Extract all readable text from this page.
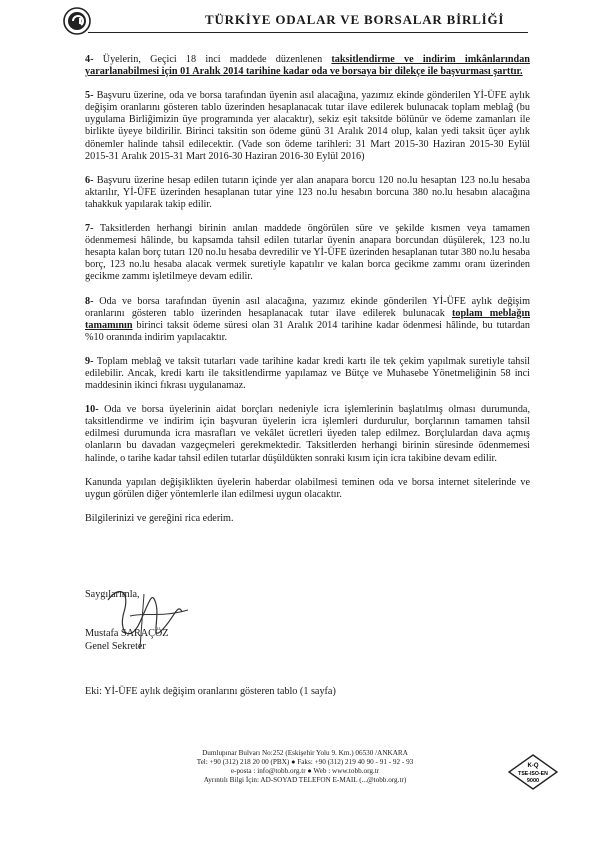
TÜRKİYE ODALAR VE BORSALAR BİRLİĞİ

4- Üyelerin, Geçici 18 inci maddede düzenlenen taksitlendirme ve indirim imkânlarından yararlanabilmesi için 01 Aralık 2014 tarihine kadar oda ve borsaya bir dilekçe ile başvurması şarttır.

5- Başvuru üzerine, oda ve borsa tarafından üyenin asıl alacağına, yazımız ekinde gönderilen Yİ-ÜFE aylık değişim oranlarını gösteren tablo üzerinden hesaplanacak tutar ilave edilerek bulunacak toplam meblağ (bu uygulama Birliğimizin üye programında yer alacaktır), sekiz eşit taksitde bölünür ve ödeme zamanları ile birlikte üyeye bildirilir. Birinci taksitin son ödeme günü 31 Aralık 2014 olup, kalan yedi taksit üçer aylık dönemler halinde tahsil edilecektir. (Vade son ödeme tarihleri: 31 Mart 2015-30 Haziran 2015-30 Eylül 2015-31 Aralık 2015-31 Mart 2016-30 Haziran 2016-30 Eylül 2016)

6- Başvuru üzerine hesap edilen tutarın içinde yer alan anapara borcu 120 no.lu hesaptan 123 no.lu hesaba aktarılır, Yİ-ÜFE üzerinden hesaplanan tutar yine 123 no.lu hesabın borcuna 380 no.lu hesabın alacağına tahakkuk yapılarak takip edilir.

7- Taksitlerden herhangi birinin anılan maddede öngörülen süre ve şekilde kısmen veya tamamen ödenmemesi hâlinde, bu kapsamda tahsil edilen tutarlar üyenin anapara borcundan düşülerek, 123 no.lu hesapta kalan borç tutarı 120 no.lu hesaba devredilir ve Yİ-ÜFE üzerinden hesaplanan tutar 380 no.lu hesaba borç, 123 no.lu hesaba alacak vermek suretiyle kapatılır ve kalan borca gecikme zammı oranı üzerinden gecikme zammı işletilmeye devam edilir.

8- Oda ve borsa tarafından üyenin asıl alacağına, yazımız ekinde gönderilen Yİ-ÜFE aylık değişim oranlarını gösteren tablo üzerinden hesaplanacak tutar ilave edilerek bulunacak toplam meblağın tamamının birinci taksit ödeme süresi olan 31 Aralık 2014 tarihine kadar ödenmesi hâlinde, bu tutardan %10 oranında indirim yapılacaktır.

9- Toplam meblağ ve taksit tutarları vade tarihine kadar kredi kartı ile tek çekim yapılmak suretiyle tahsil edilebilir. Ancak, kredi kartı ile taksitlendirme yapılamaz ve Bütçe ve Muhasebe Yönetmeliğinin 58 inci maddesinin ikinci fıkrası uygulanamaz.

10- Oda ve borsa üyelerinin aidat borçları nedeniyle icra işlemlerinin başlatılmış olması durumunda, taksitlendirme ve indirim için başvuran üyelerin icra işlemleri durdurulur, borçlarının tamamen tahsil edilmesi durumunda icra masrafları ve vekâlet ücretleri üyeden talep edilmez. Borçlulardan dava açmış olanların bu davadan vazgeçmeleri gerekmektedir. Taksitlerden herhangi birinin süresinde ödenmemesi halinde, o tarihe kadar tahsil edilen tutarlar düşüldükten sonraki kısım için icra takibine devam edilir.

Kanunda yapılan değişiklikten üyelerin haberdar olabilmesi teminen oda ve borsa internet sitelerinde ve uygun görülen diğer yöntemlerle ilan edilmesi uygun olacaktır.

Bilgilerinizi ve gereğini rica ederim.

Saygılarımla,
Mustafa SARAÇÖZ
Genel Sekreter
Eki: Yİ-ÜFE aylık değişim oranlarını gösteren tablo (1 sayfa)
Dumlupınar Bulvarı No:252 (Eskişehir Yolu 9. Km.) 06530 /ANKARA
Tel: +90 (312) 218 20 00 (PBX) ● Faks: +90 (312) 219 40 90 - 91 - 92 - 93
e-posta : info@tobb.org.tr ● Web : www.tobb.org.tr
Ayrıntılı Bilgi İçin: AD-SOYAD TELEFON E-MAIL (...@tobb.org.tr)
K-Q
TSE-ISO-EN
9000
